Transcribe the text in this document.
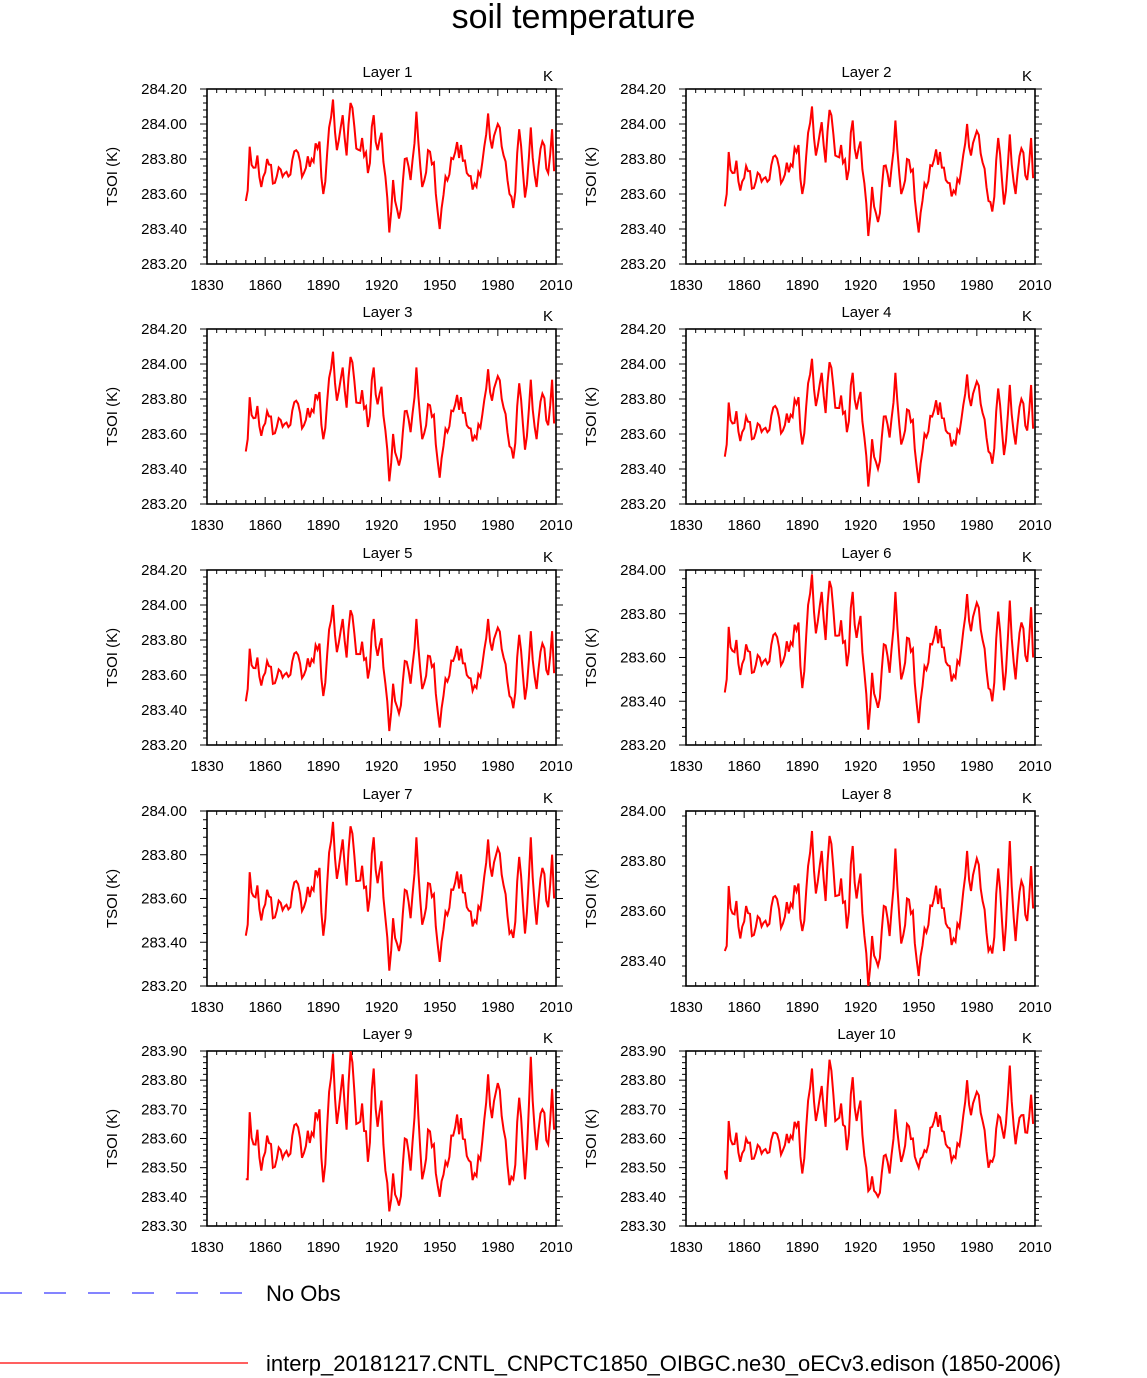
soil temperature
1830 1860 1890 1920 1950 1980 2010
283.20
283.40
283.60
283.80
284.00
284.20
Layer 1	K
TSOI (K)
1830 1860 1890 1920 1950 1980 2010
283.20
283.40
283.60
283.80
284.00
284.20
Layer 2	K
TSOI (K)
1830 1860 1890 1920 1950 1980 2010
283.20
283.40
283.60
283.80
284.00
284.20
Layer 3	K
TSOI (K)
1830 1860 1890 1920 1950 1980 2010
283.20
283.40
283.60
283.80
284.00
284.20
Layer 4	K
TSOI (K)
1830 1860 1890 1920 1950 1980 2010
283.20
283.40
283.60
283.80
284.00
284.20
Layer 5	K
TSOI (K)
1830 1860 1890 1920 1950 1980 2010
283.20
283.40
283.60
283.80
284.00
Layer 6	K
TSOI (K)
1830 1860 1890 1920 1950 1980 2010
283.20
283.40
283.60
283.80
284.00
Layer 7	K
TSOI (K)
1830 1860 1890 1920 1950 1980 2010
283.40
283.60
283.80
284.00
Layer 8	K
TSOI (K)
1830 1860 1890 1920 1950 1980 2010
283.30
283.40
283.50
283.60
283.70
283.80
283.90
Layer 9	K
TSOI (K)
1830 1860 1890 1920 1950 1980 2010
283.30
283.40
283.50
283.60
283.70
283.80
283.90
Layer 10	K
TSOI (K)
No Obs
interp_20181217.CNTL_CNPCTC1850_OIBGC.ne30_oECv3.edison (1850-2006)
